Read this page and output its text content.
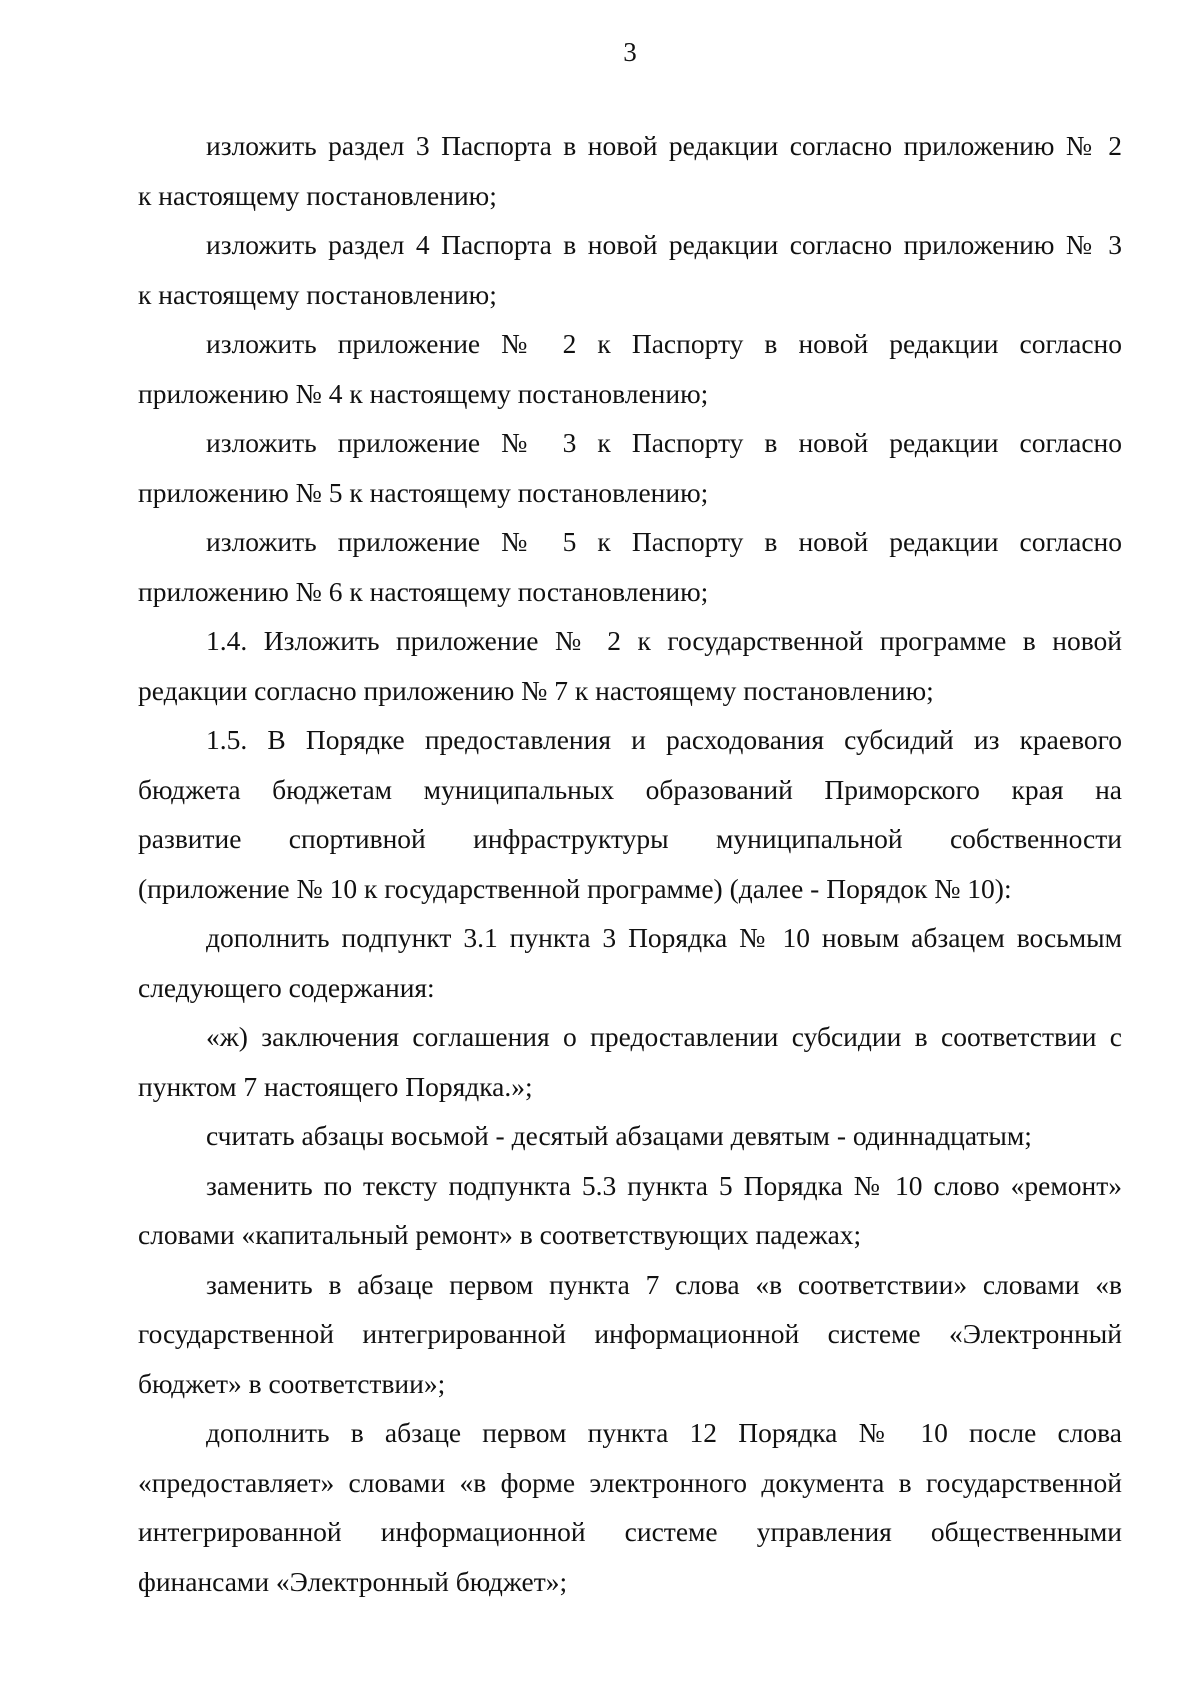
3
изложить раздел 3 Паспорта в новой редакции согласно приложению № 2
к настоящему постановлению;
изложить раздел 4 Паспорта в новой редакции согласно приложению № 3
к настоящему постановлению;
изложить приложение № 2 к Паспорту в новой редакции согласно
приложению № 4 к настоящему постановлению;
изложить приложение № 3 к Паспорту в новой редакции согласно
приложению № 5 к настоящему постановлению;
изложить приложение № 5 к Паспорту в новой редакции согласно
приложению № 6 к настоящему постановлению;
1.4. Изложить приложение № 2 к государственной программе в новой
редакции согласно приложению № 7 к настоящему постановлению;
1.5. В Порядке предоставления и расходования субсидий из краевого
бюджета бюджетам муниципальных образований Приморского края на
развитие спортивной инфраструктуры муниципальной собственности
(приложение № 10 к государственной программе) (далее - Порядок № 10):
дополнить подпункт 3.1 пункта 3 Порядка № 10 новым абзацем восьмым
следующего содержания:
«ж) заключения соглашения о предоставлении субсидии в соответствии с
пунктом 7 настоящего Порядка.»;
считать абзацы восьмой - десятый абзацами девятым - одиннадцатым;
заменить по тексту подпункта 5.3 пункта 5 Порядка № 10 слово «ремонт»
словами «капитальный ремонт» в соответствующих падежах;
заменить в абзаце первом пункта 7 слова «в соответствии» словами «в
государственной интегрированной информационной системе «Электронный
бюджет» в соответствии»;
дополнить в абзаце первом пункта 12 Порядка № 10 после слова
«предоставляет» словами «в форме электронного документа в государственной
интегрированной информационной системе управления общественными
финансами «Электронный бюджет»;
